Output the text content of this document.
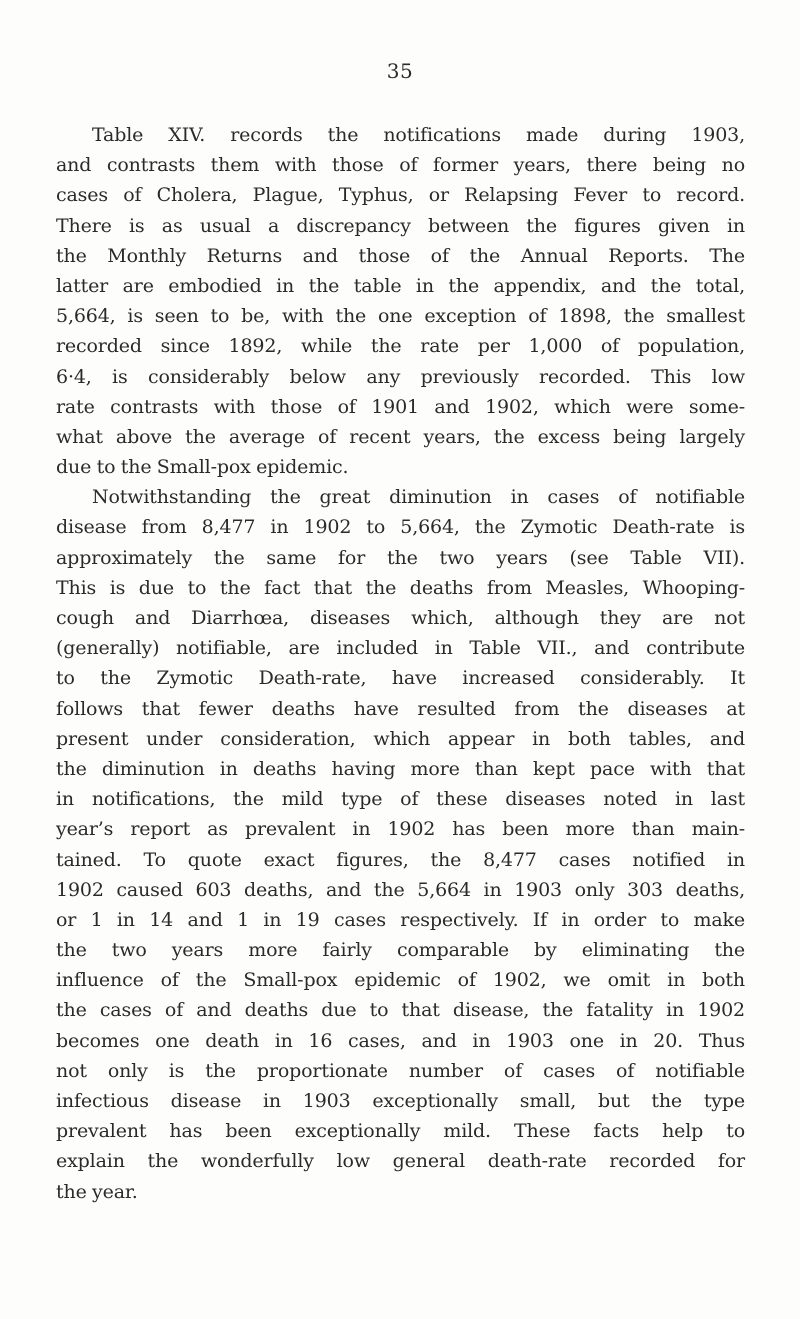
35
Table XIV. records the notifications made during 1903,
and contrasts them with those of former years, there being no
cases of Cholera, Plague, Typhus, or Relapsing Fever to record.
There is as usual a discrepancy between the figures given in
the Monthly Returns and those of the Annual Reports. The
latter are embodied in the table in the appendix, and the total,
5,664, is seen to be, with the one exception of 1898, the smallest
recorded since 1892, while the rate per 1,000 of population,
6·4, is considerably below any previously recorded. This low
rate contrasts with those of 1901 and 1902, which were some-
what above the average of recent years, the excess being largely
due to the Small-pox epidemic.
Notwithstanding the great diminution in cases of notifiable
disease from 8,477 in 1902 to 5,664, the Zymotic Death-rate is
approximately the same for the two years (see Table VII).
This is due to the fact that the deaths from Measles, Whooping-
cough and Diarrhœa, diseases which, although they are not
(generally) notifiable, are included in Table VII., and contribute
to the Zymotic Death-rate, have increased considerably. It
follows that fewer deaths have resulted from the diseases at
present under consideration, which appear in both tables, and
the diminution in deaths having more than kept pace with that
in notifications, the mild type of these diseases noted in last
year’s report as prevalent in 1902 has been more than main-
tained. To quote exact figures, the 8,477 cases notified in
1902 caused 603 deaths, and the 5,664 in 1903 only 303 deaths,
or 1 in 14 and 1 in 19 cases respectively. If in order to make
the two years more fairly comparable by eliminating the
influence of the Small-pox epidemic of 1902, we omit in both
the cases of and deaths due to that disease, the fatality in 1902
becomes one death in 16 cases, and in 1903 one in 20. Thus
not only is the proportionate number of cases of notifiable
infectious disease in 1903 exceptionally small, but the type
prevalent has been exceptionally mild. These facts help to
explain the wonderfully low general death-rate recorded for
the year.
